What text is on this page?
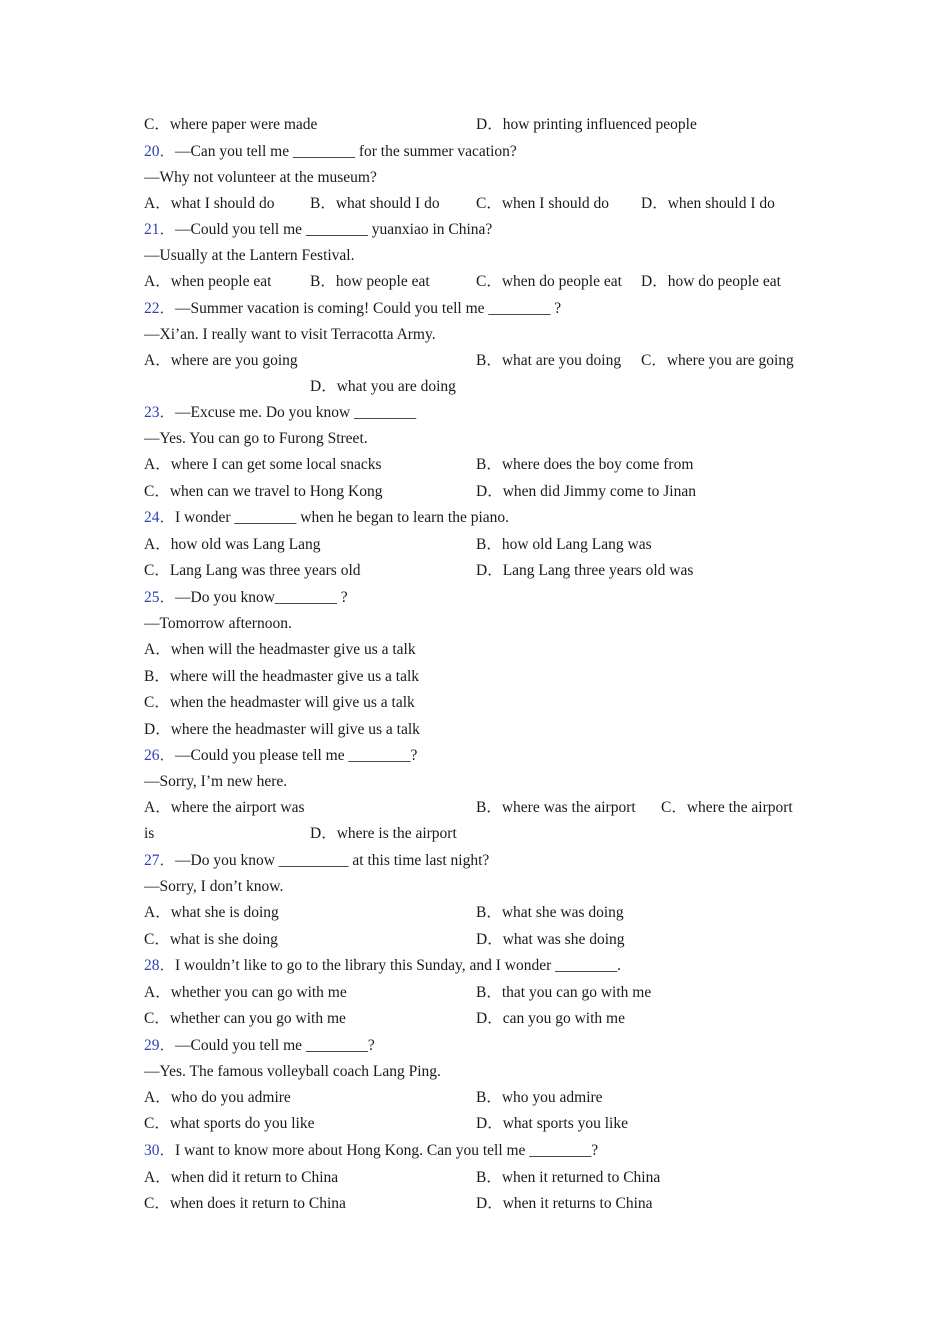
C．where paper were made	D．how printing influenced people
20．—Can you tell me ________ for the summer vacation?
—Why not volunteer at the museum?
A．what I should do B．what should I do C．when I should do D．when should I do
21．—Could you tell me ________ yuanxiao in China?
—Usually at the Lantern Festival.
A．when people eat B．how people eat	C．when do people eat D．how do people eat
22．—Summer vacation is coming! Could you tell me ________ ?
—Xi’an. I really want to visit Terracotta Army.
A．where are you going	B．what are you doing C．where you are going
D．what you are doing
23．—Excuse me. Do you know ________
—Yes. You can go to Furong Street.
A．where I can get some local snacks	B．where does the boy come from
C．when can we travel to Hong Kong	D．when did Jimmy come to Jinan
24．I wonder ________ when he began to learn the piano.
A．how old was Lang Lang	B．how old Lang Lang was
C．Lang Lang was three years old	D．Lang Lang three years old was
25．—Do you know________ ?
—Tomorrow afternoon.
A．when will the headmaster give us a talk
B．where will the headmaster give us a talk
C．when the headmaster will give us a talk
D．where the headmaster will give us a talk
26．—Could you please tell me ________?
—Sorry, I’m new here.
A．where the airport was	B．where was the airport C．where the airport
is	D．where is the airport
27．—Do you know _________ at this time last night?
—Sorry, I don’t know.
A．what she is doing	B．what she was doing
C．what is she doing	D．what was she doing
28．I wouldn’t like to go to the library this Sunday, and I wonder ________.
A．whether you can go with me	B．that you can go with me
C．whether can you go with me	D．can you go with me
29．—Could you tell me ________?
—Yes. The famous volleyball coach Lang Ping.
A．who do you admire	B．who you admire
C．what sports do you like	D．what sports you like
30．I want to know more about Hong Kong. Can you tell me ________?
A．when did it return to China	B．when it returned to China
C．when does it return to China	D．when it returns to China
